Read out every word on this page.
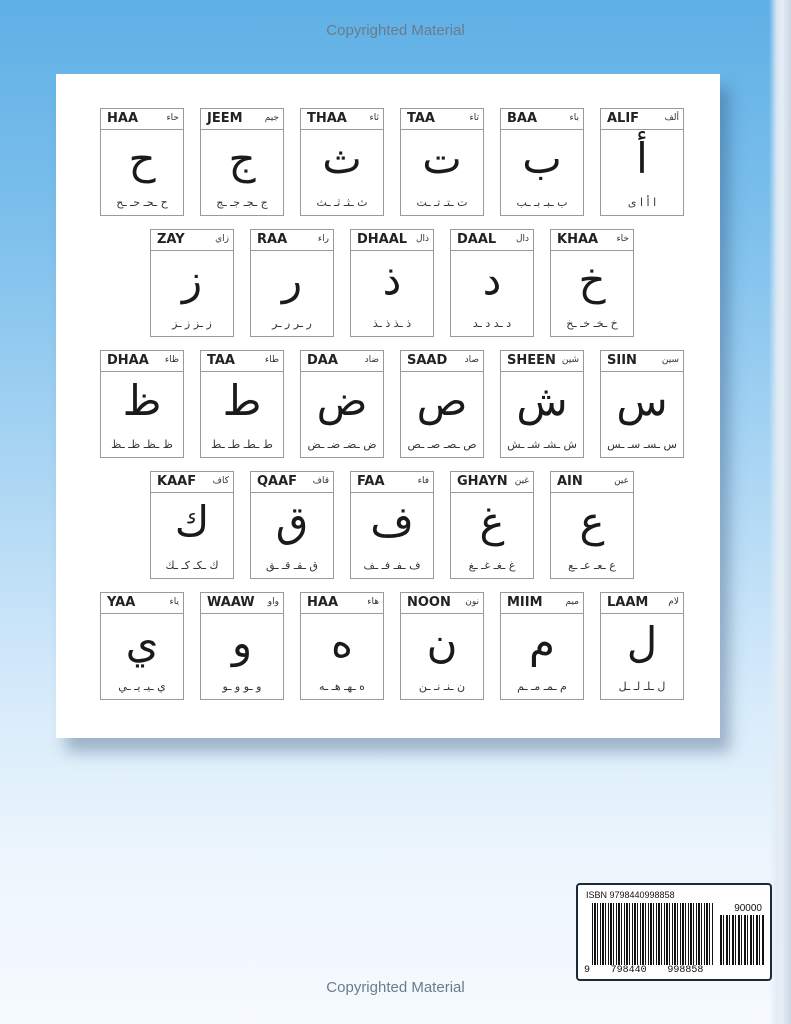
Copyrighted Material
ALIF	ألف
أ
ا أ ا ى
BAA	باء
ب
ب ـبـ بـ ـب
TAA	تاء
ت
ت ـتـ تـ ـت
THAA	ثاء
ث
ث ـثـ ثـ ـث
JEEM جيم
ج
ج ـجـ جـ ـج
HAA	حاء
ح
ح ـحـ حـ ـح
KHAA خاء
خ
خ ـخـ خـ ـخ
DAAL دال
د
د ـد د ـد
DHAAL ذال
ذ
ذ ـذ ذ ـذ
RAA	راء
ر
ر ـر ر ـر
ZAY	زاي
ز
ز ـز ز ـز
SIIN	سين
س
س ـسـ سـ ـس
SHEEN شين
ش
ش ـشـ شـ ـش
SAAD صاد
ص
ص ـصـ صـ ـص
DAA	ضاد
ض
ض ـضـ ضـ ـض
TAA	طاء
ط
ط ـطـ طـ ـط
DHAA ظاء
ظ
ظ ـظـ ظـ ـظ
AIN	عين
ع
ع ـعـ عـ ـع
GHAYN غين
غ
غ ـغـ غـ ـغ
FAA	فاء
ف
ف ـفـ فـ ـف
QAAF قاف
ق
ق ـقـ قـ ـق
KAAF كاف
ك
ك ـكـ كـ ـك
LAAM لام
ل
ل ـلـ لـ ـل
MIIM	ميم
م
م ـمـ مـ ـم
NOON نون
ن
ن ـنـ نـ ـن
HAA	هاء
ه
ه ـهـ هـ ـه
WAAW واو
و
و ـو و ـو
YAA	ياء
ي
ي ـيـ يـ ـي
ISBN 9798440998858
90000
9 798440 998858
Copyrighted Material
